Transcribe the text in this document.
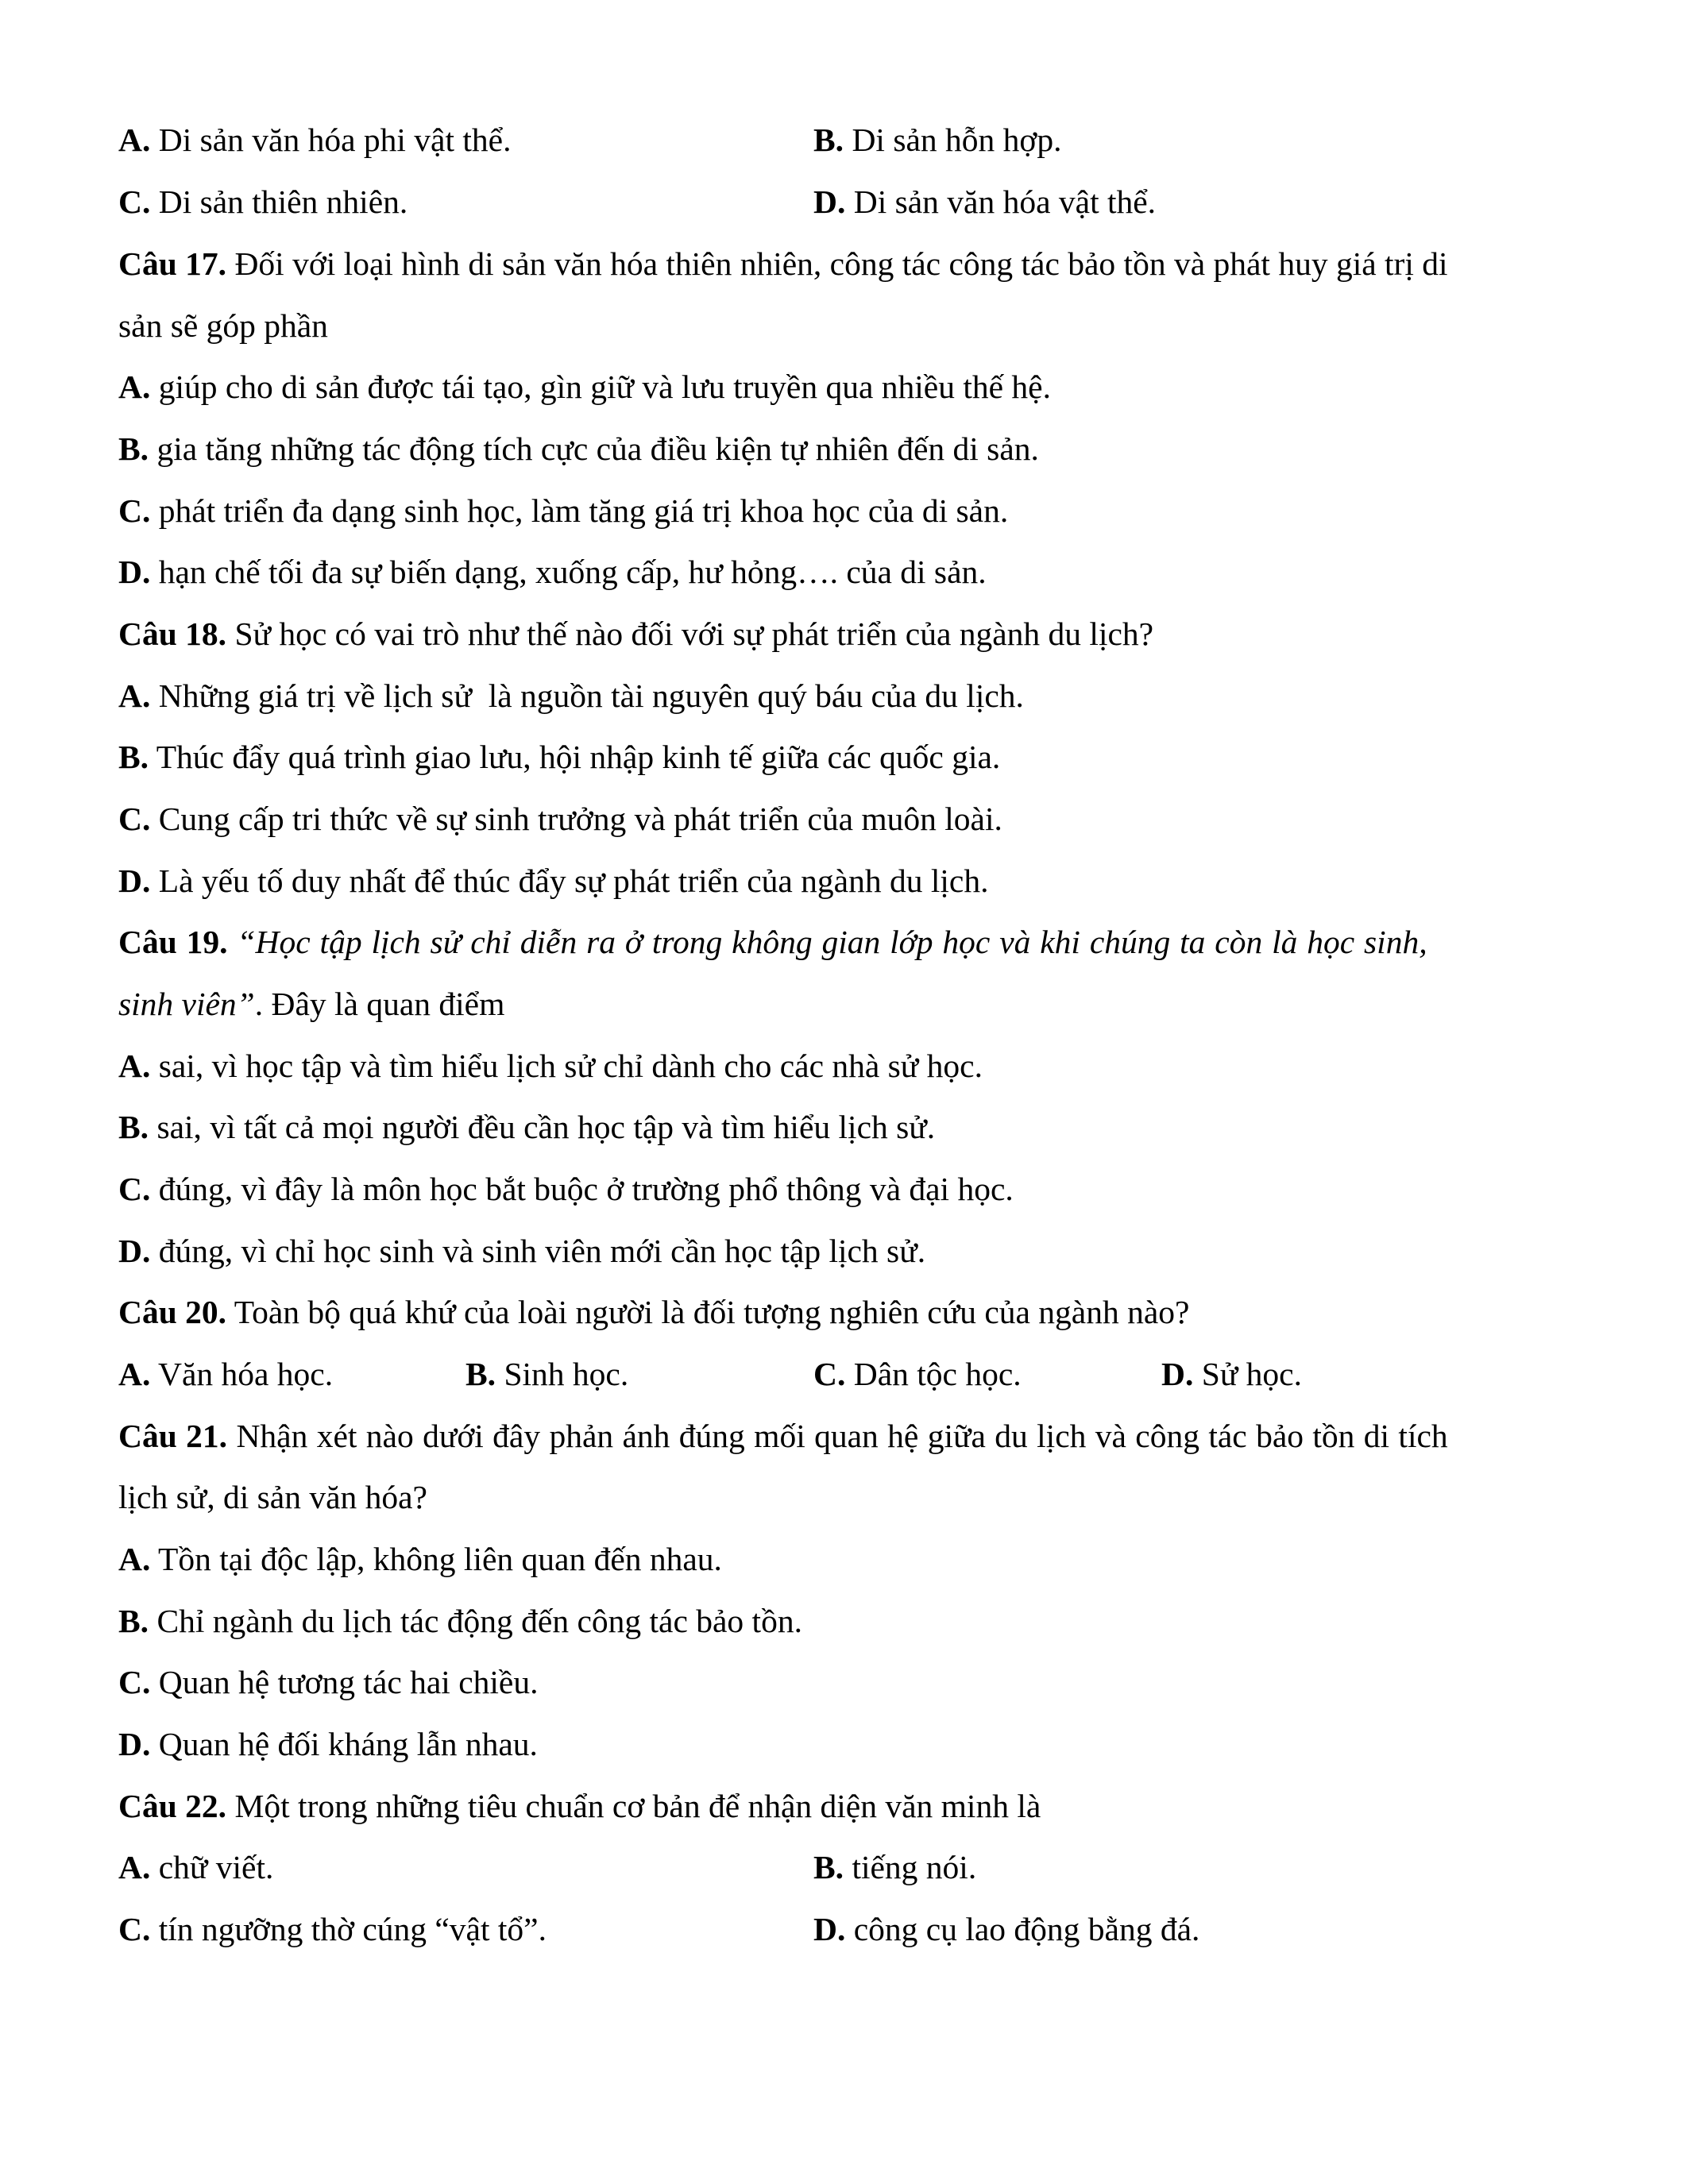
A. Di sản văn hóa phi vật thể.	B. Di sản hỗn hợp.
C. Di sản thiên nhiên.	D. Di sản văn hóa vật thể.
Câu 17. Đối với loại hình di sản văn hóa thiên nhiên, công tác công tác bảo tồn và phát huy giá trị di
sản sẽ góp phần
A. giúp cho di sản được tái tạo, gìn giữ và lưu truyền qua nhiều thế hệ.
B. gia tăng những tác động tích cực của điều kiện tự nhiên đến di sản.
C. phát triển đa dạng sinh học, làm tăng giá trị khoa học của di sản.
D. hạn chế tối đa sự biến dạng, xuống cấp, hư hỏng…. của di sản.
Câu 18. Sử học có vai trò như thế nào đối với sự phát triển của ngành du lịch?
A. Những giá trị về lịch sử  là nguồn tài nguyên quý báu của du lịch.
B. Thúc đẩy quá trình giao lưu, hội nhập kinh tế giữa các quốc gia.
C. Cung cấp tri thức về sự sinh trưởng và phát triển của muôn loài.
D. Là yếu tố duy nhất để thúc đẩy sự phát triển của ngành du lịch.
Câu 19. “Học tập lịch sử chỉ diễn ra ở trong không gian lớp học và khi chúng ta còn là học sinh,
sinh viên”. Đây là quan điểm
A. sai, vì học tập và tìm hiểu lịch sử chỉ dành cho các nhà sử học.
B. sai, vì tất cả mọi người đều cần học tập và tìm hiểu lịch sử.
C. đúng, vì đây là môn học bắt buộc ở trường phổ thông và đại học.
D. đúng, vì chỉ học sinh và sinh viên mới cần học tập lịch sử.
Câu 20. Toàn bộ quá khứ của loài người là đối tượng nghiên cứu của ngành nào?
A. Văn hóa học.	B. Sinh học.	C. Dân tộc học.	D. Sử học.
Câu 21. Nhận xét nào dưới đây phản ánh đúng mối quan hệ giữa du lịch và công tác bảo tồn di tích
lịch sử, di sản văn hóa?
A. Tồn tại độc lập, không liên quan đến nhau.
B. Chỉ ngành du lịch tác động đến công tác bảo tồn.
C. Quan hệ tương tác hai chiều.
D. Quan hệ đối kháng lẫn nhau.
Câu 22. Một trong những tiêu chuẩn cơ bản để nhận diện văn minh là
A. chữ viết.	B. tiếng nói.
C. tín ngưỡng thờ cúng “vật tổ”.	D. công cụ lao động bằng đá.
